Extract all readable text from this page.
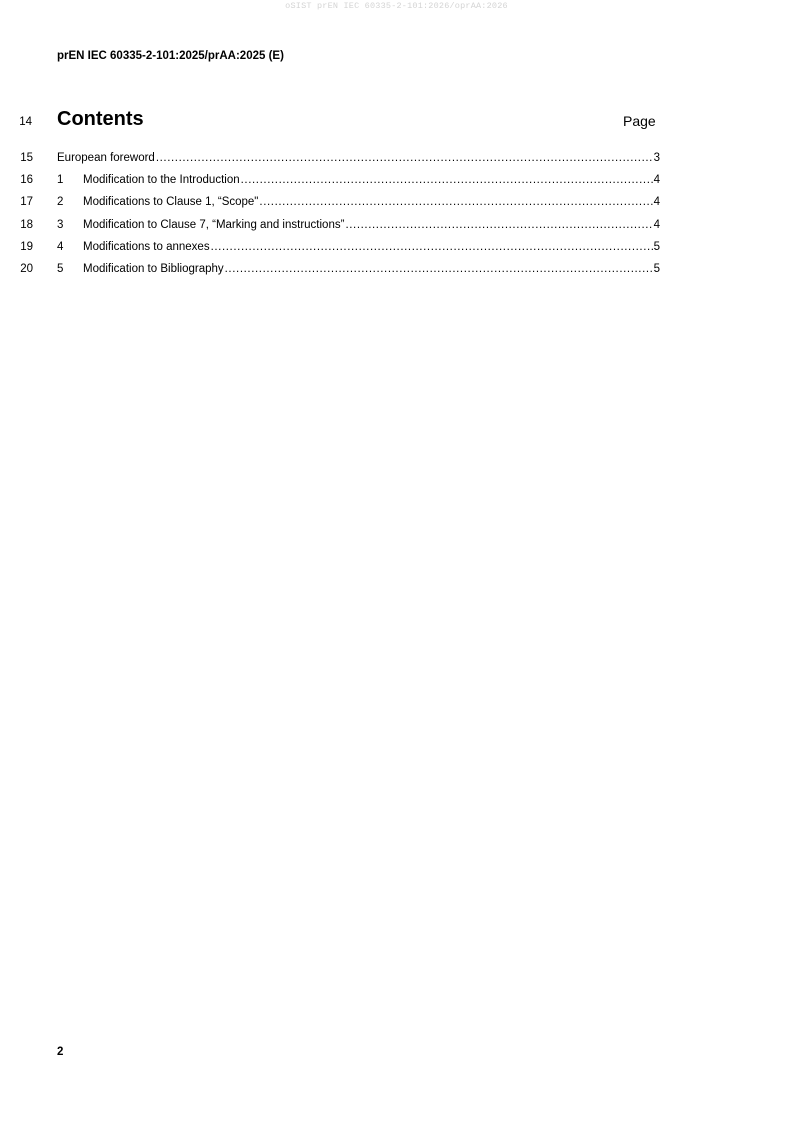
oSIST prEN IEC 60335-2-101:2026/oprAA:2026
prEN IEC 60335-2-101:2025/prAA:2025 (E)
14 Contents	Page
15 European foreword .....	3
16 1	Modification to the Introduction .....	4
17 2	Modifications to Clause 1, “Scope" .....	4
18 3	Modification to Clause 7, “Marking and instructions” .....	4
19 4	Modifications to annexes .....	5
20 5	Modification to Bibliography .....	5
2
